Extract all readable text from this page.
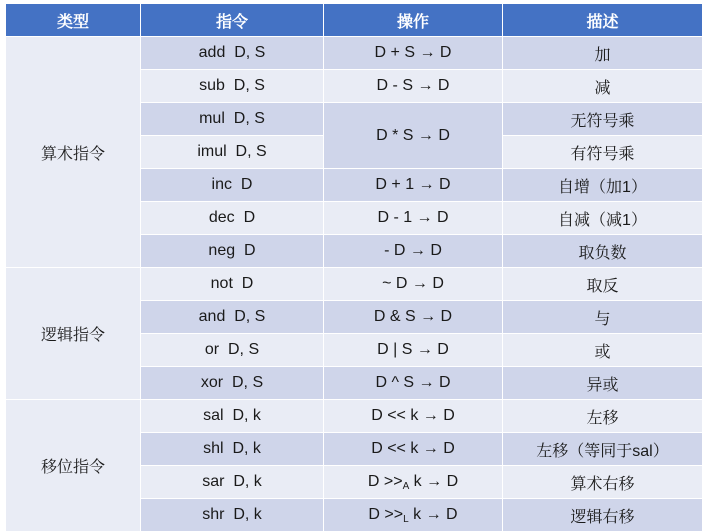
类型	指令	操作	描述
算术指令	add  D, S	D + S → D	加
	sub  D, S	D - S → D	减
	mul  D, S	D * S → D	无符号乘
	imul  D, S		有符号乘
	inc  D	D + 1 → D	自增（加1）
	dec  D	D - 1 → D	自减（减1）
	neg  D	- D → D	取负数
逻辑指令	not  D	~ D → D	取反
	and  D, S	D & S → D	与
	or  D, S	D | S → D	或
	xor  D, S	D ^ S → D	异或
移位指令	sal  D, k	D << k → D	左移
	shl  D, k	D << k → D	左移（等同于sal）
	sar  D, k	$D >>_A$ k → D	算术右移
	shr  D, k	$D >>_L$ k → D	逻辑右移
